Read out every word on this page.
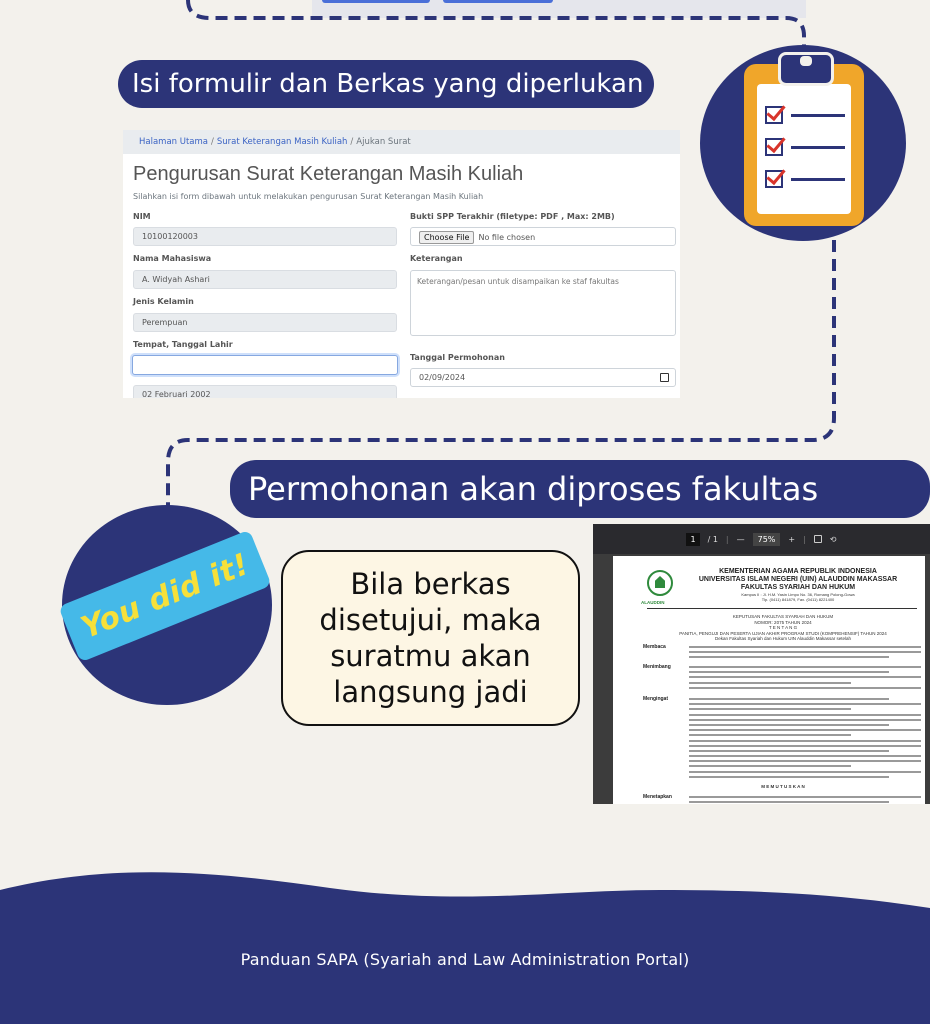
Isi formulir dan Berkas yang diperlukan
Halaman Utama / Surat Keterangan Masih Kuliah / Ajukan Surat
Pengurusan Surat Keterangan Masih Kuliah
Silahkan isi form dibawah untuk melakukan pengurusan Surat Keterangan Masih Kuliah
NIM
10100120003
Nama Mahasiswa
A. Widyah Ashari
Jenis Kelamin
Perempuan
Tempat, Tanggal Lahir
02 Februari 2002
Bukti SPP Terakhir (filetype: PDF , Max: 2MB)
Choose File No file chosen
Keterangan
Keterangan/pesan untuk disampaikan ke staf fakultas
Tanggal Permohonan
02/09/2024
Permohonan akan diproses fakultas
You did it!	Bila berkas disetujui, maka suratmu akan langsung jadi
1	/ 1 | —	75%	+ |	⟲
ALAUDDIN
KEMENTERIAN AGAMA REPUBLIK INDONESIA
UNIVERSITAS ISLAM NEGERI (UIN) ALAUDDIN MAKASSAR
FAKULTAS SYARIAH DAN HUKUM
Kampus II : Jl. H.M. Yasin Limpo No. 36, Romang Polong-Gowa
Tlp. (0411) 841879, Fax. (0411) 8221400
KEPUTUSAN FAKULTAS SYARIAH DAN HUKUM
NOMOR: 2075 TAHUN 2024
T E N T A N G
PANITIA, PENGUJI DAN PESERTA UJIAN AKHIR PROGRAM STUDI (KOMPREHENSIF) TAHUN 2024
Dekan Fakultas Syariah dan Hukum UIN Alauddin Makassar setelah
Membaca
Menimbang
Mengingat
M E M U T U S K A N
Menetapkan
Panduan SAPA (Syariah and Law Administration Portal)
